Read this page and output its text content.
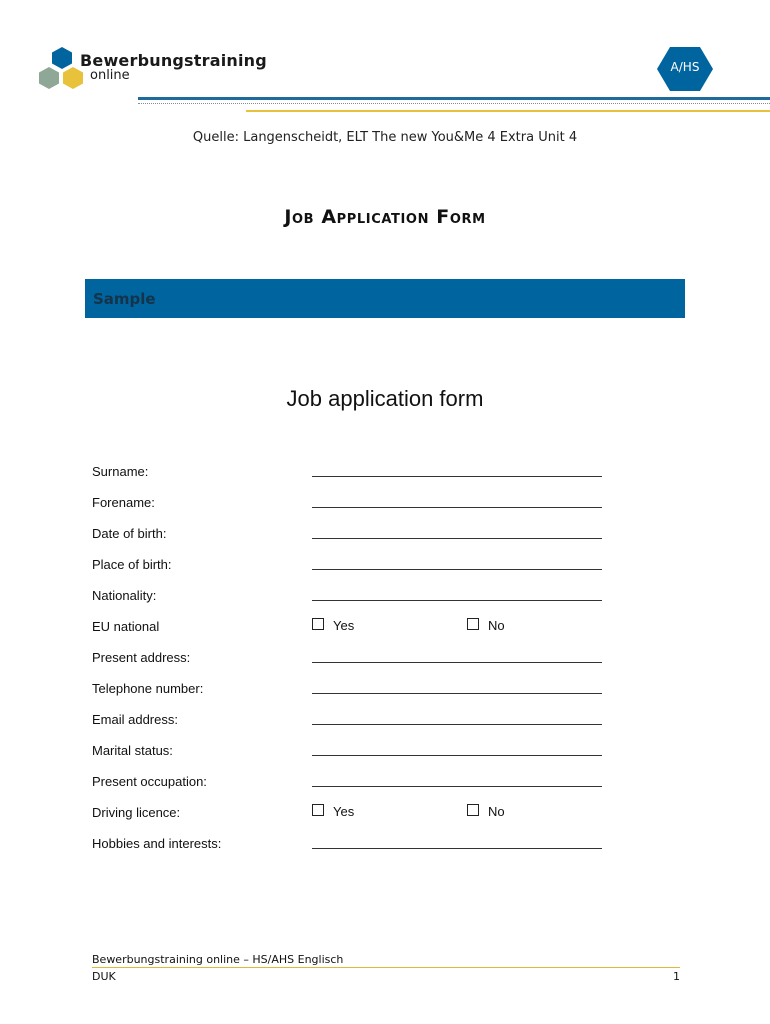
Bewerbungstraining
online
A/HS
Quelle: Langenscheidt, ELT The new You&Me 4 Extra Unit 4
Job Application Form
Sample
Job application form
Surname:
Forename:
Date of birth:
Place of birth:
Nationality:
EU national	Yes	No
Present address:
Telephone number:
Email address:
Marital status:
Present occupation:
Driving licence:	Yes	No
Hobbies and interests:
Bewerbungstraining online – HS/AHS Englisch
DUK	1
